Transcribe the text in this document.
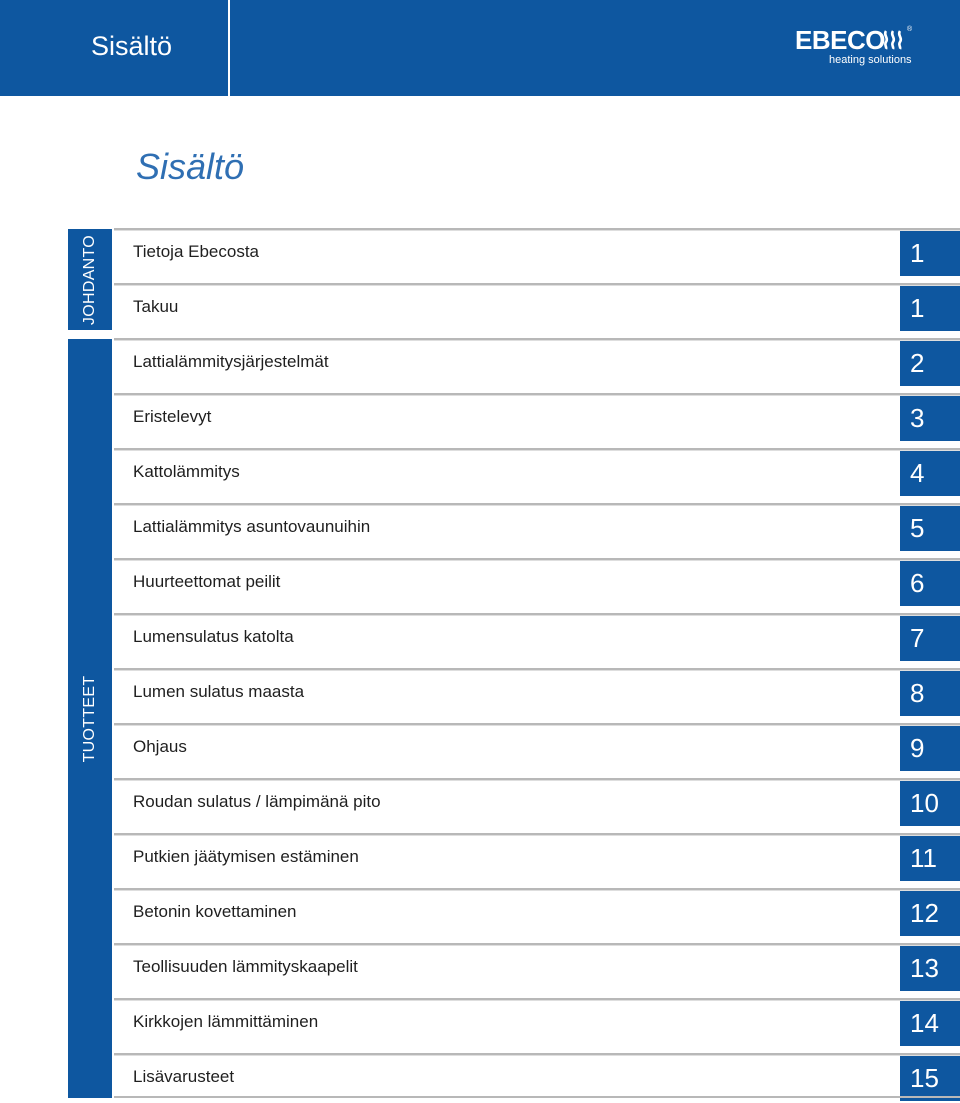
Sisältö	EBECO	®
heating solutions
Sisältö
JOHDANTO
TUOTTEET
Tietoja Ebecosta	1
Takuu	1
Lattialämmitysjärjestelmät	2
Eristelevyt	3
Kattolämmitys	4
Lattialämmitys asuntovaunuihin	5
Huurteettomat peilit	6
Lumensulatus katolta	7
Lumen sulatus maasta	8
Ohjaus	9
Roudan sulatus / lämpimänä pito	10
Putkien jäätymisen estäminen	11
Betonin kovettaminen	12
Teollisuuden lämmityskaapelit	13
Kirkkojen lämmittäminen	14
Lisävarusteet	15
